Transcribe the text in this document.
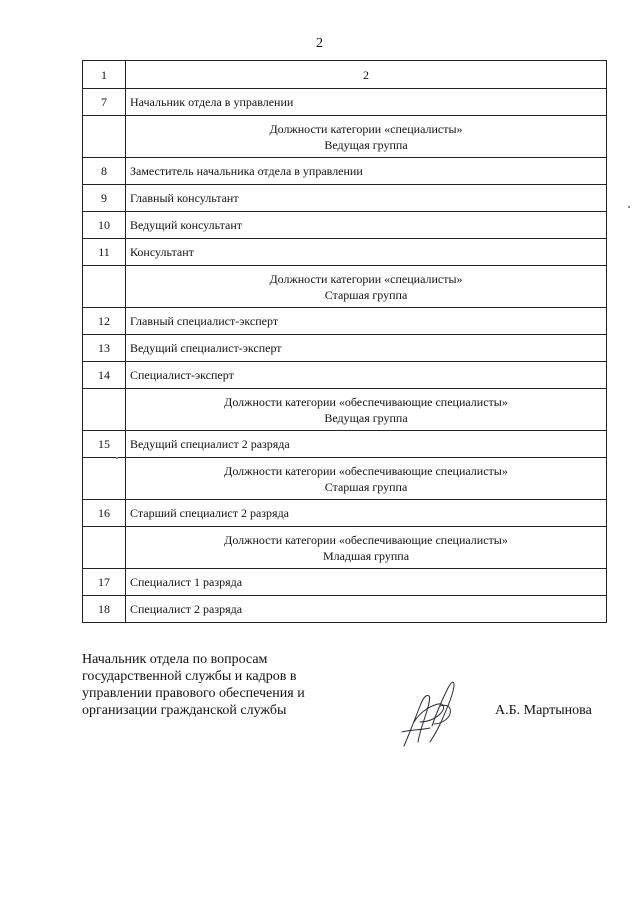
2
1	2
7	Начальник отдела в управлении

	Должности категории «специалисты»
Ведущая группа

8	Заместитель начальника отдела в управлении
9	Главный консультант
10	Ведущий консультант
11	Консультант

	Должности категории «специалисты»
Старшая группа

12	Главный специалист-эксперт
13	Ведущий специалист-эксперт
14	Специалист-эксперт

	Должности категории «обеспечивающие специалисты»
Ведущая группа

15	Ведущий специалист 2 разряда

	Должности категории «обеспечивающие специалисты»
Старшая группа

16	Старший специалист 2 разряда

	Должности категории «обеспечивающие специалисты»
Младшая группа

17	Специалист 1 разряда
18	Специалист 2 разряда
Начальник отдела по вопросам
государственной службы и кадров в
управлении правового обеспечения и
организации гражданской службы	А.Б. Мартынова
